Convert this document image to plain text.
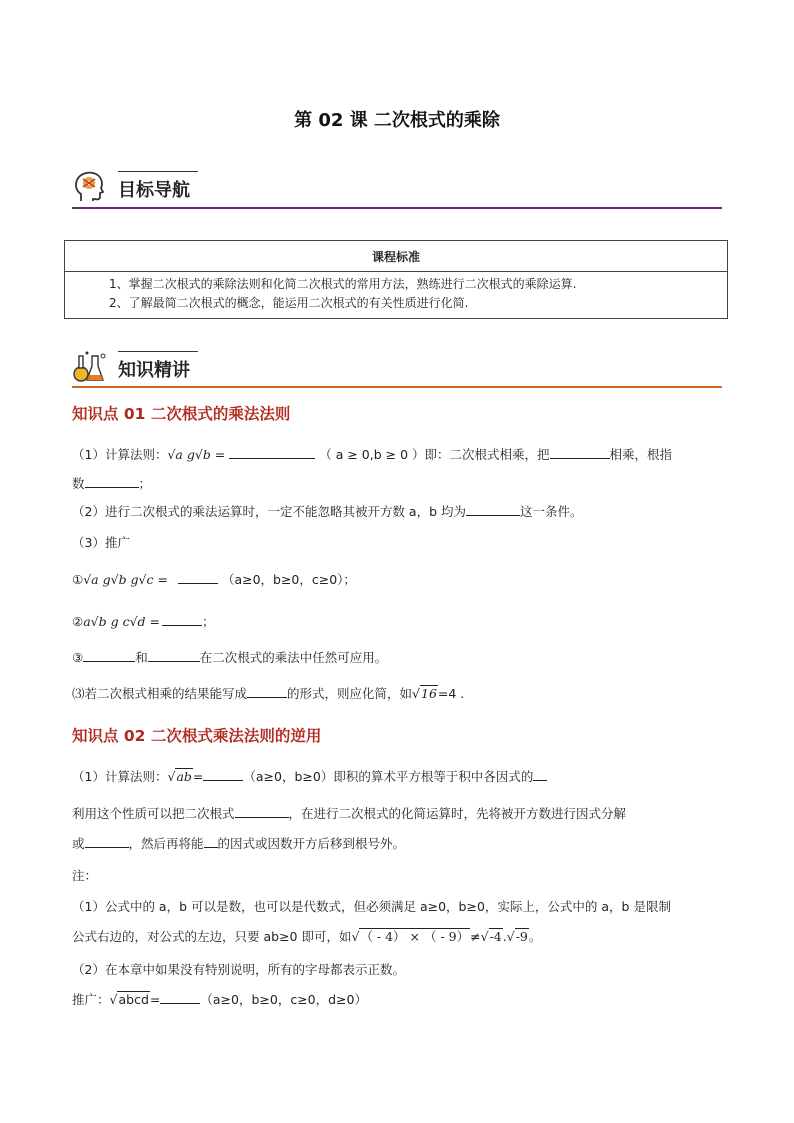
第 02 课 二次根式的乘除
目标导航
课程标准

1、掌握二次根式的乘除法则和化简二次根式的常用方法，熟练进行二次根式的乘除运算.
2、了解最简二次根式的概念，能运用二次根式的有关性质进行化简.
知识精讲
知识点 01 二次根式的乘法法则
（1）计算法则：√a g√b =	（ a ≥ 0,b ≥ 0 ）即：二次根式相乘，把	相乘，根指
数	；
（2）进行二次根式的乘法运算时，一定不能忽略其被开方数 a，b 均为	这一条件。
（3）推广
①√a g√b g√c =	（a≥0，b≥0，c≥0）；
②a√b g c√d =	；
③	和	在二次根式的乘法中任然可应用。
⑶若二次根式相乘的结果能写成	的形式，则应化简，如√16=4 .
知识点 02 二次根式乘法法则的逆用
（1）计算法则：√ab=	（a≥0，b≥0）即积的算术平方根等于积中各因式的
利用这个性质可以把二次根式	，在进行二次根式的化简运算时，先将被开方数进行因式分解
或	，然后再将能 的因式或因数开方后移到根号外。
注：
（1）公式中的 a，b 可以是数，也可以是代数式，但必须满足 a≥0，b≥0，实际上，公式中的 a，b 是限制
公式右边的，对公式的左边，只要 ab≥0 即可，如√（ - 4） × （ - 9）≠√-4.√-9。
（2）在本章中如果没有特别说明，所有的字母都表示正数。
推广：√abcd=	（a≥0，b≥0，c≥0，d≥0）
